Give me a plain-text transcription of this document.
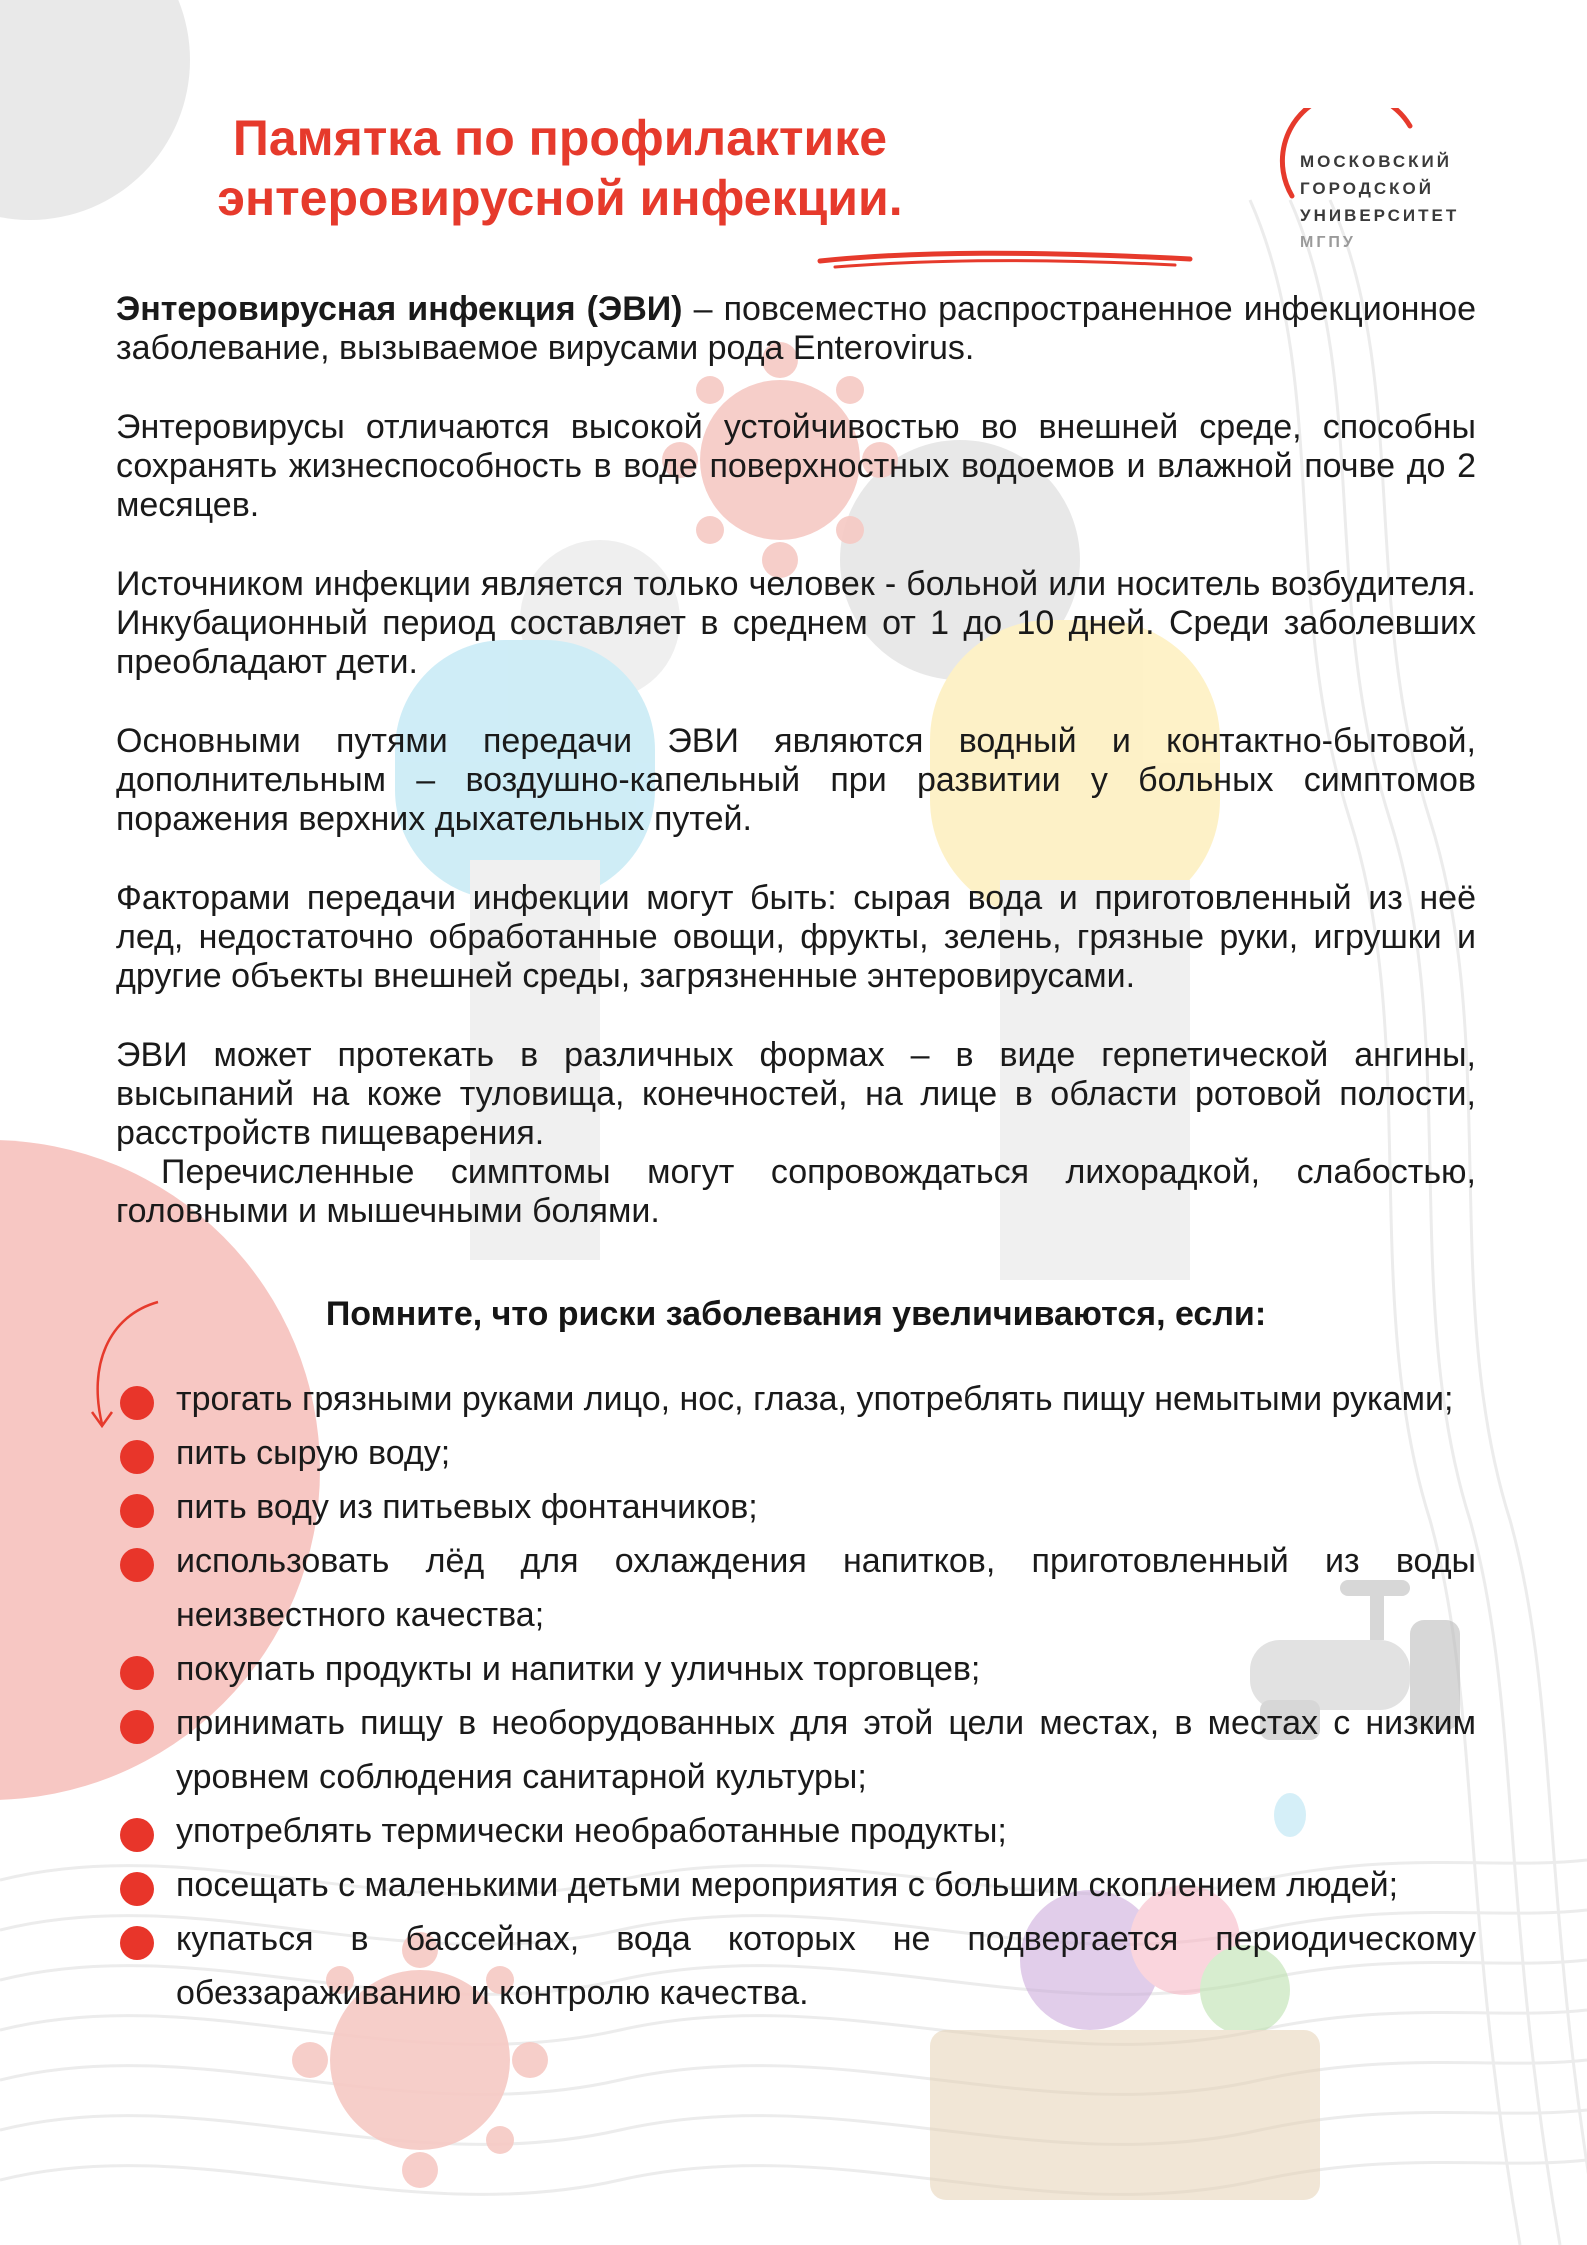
Памятка по профилактике
энтеровирусной инфекции.
МОСКОВСКИЙ
ГОРОДСКОЙ
УНИВЕРСИТЕТ
МГПУ

Энтеровирусная инфекция (ЭВИ) – повсеместно распространенное инфекционное заболевание, вызываемое вирусами рода Enterovirus.

Энтеровирусы отличаются высокой устойчивостью во внешней среде, способны сохранять жизнеспособность в воде поверхностных водоемов и влажной почве до 2 месяцев.

Источником инфекции является только человек - больной или носитель возбудителя. Инкубационный период составляет в среднем от 1 до 10 дней. Среди заболевших преобладают дети.

Основными путями передачи ЭВИ являются водный и контактно-бытовой, дополнительным – воздушно-капельный при развитии у больных симптомов поражения верхних дыхательных путей.

Факторами передачи инфекции могут быть: сырая вода и приготовленный из неё лед, недостаточно обработанные овощи, фрукты, зелень, грязные руки, игрушки и другие объекты внешней среды, загрязненные энтеровирусами.

ЭВИ может протекать в различных формах – в виде герпетической ангины, высыпаний на коже туловища, конечностей, на лице в области ротовой полости, расстройств пищеварения.

Перечисленные симптомы могут сопровождаться лихорадкой, слабостью, головными и мышечными болями.

Помните, что риски заболевания увеличиваются, если:
трогать грязными руками лицо, нос, глаза, употреблять пищу немытыми руками;
пить сырую воду;
пить воду из питьевых фонтанчиков;
использовать лёд для охлаждения напитков, приготовленный из воды неизвестного качества;
покупать продукты и напитки у уличных торговцев;
принимать пищу в необорудованных для этой цели местах, в местах с низким уровнем соблюдения санитарной культуры;
употреблять термически необработанные продукты;
посещать с маленькими детьми мероприятия с большим скоплением людей;
купаться в бассейнах, вода которых не подвергается периодическому обеззараживанию и контролю качества.
